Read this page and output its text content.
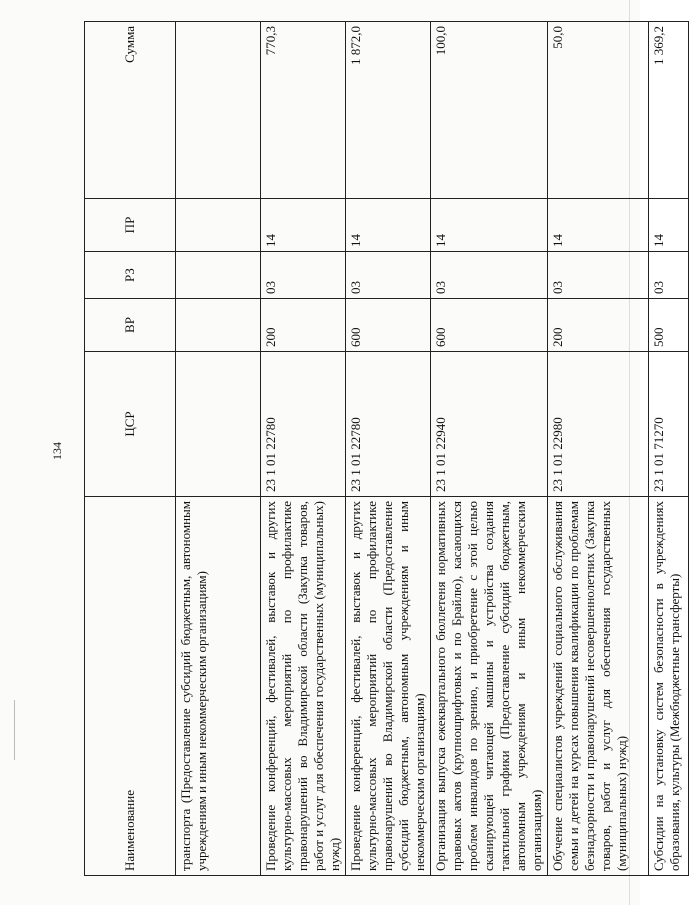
134
Наименование	ЦСР	ВР	РЗ	ПР	Сумма
транспорта (Предоставление субсидий бюджетным, автономным учреждениям и иным некоммерческим организациям)					
Проведение конференций, фестивалей, выставок и других культурно-массовых мероприятий по профилактике правонарушений во Владимирской области (Закупка товаров, работ и услуг для обеспечения государственных (муниципальных) нужд)	23 1 01 22780	200	03	14	770,3
Проведение конференций, фестивалей, выставок и других культурно-массовых мероприятий по профилактике правонарушений во Владимирской области (Предоставление субсидий бюджетным, автономным учреждениям и иным некоммерческим организациям)	23 1 01 22780	600	03	14	1 872,0
Организация выпуска ежеквартального бюллетеня нормативных правовых актов (крупношрифтовых и по Брайлю), касающихся проблем инвалидов по зрению, и приобретение с этой целью сканирующей читающей машины и устройства создания тактильной графики (Предоставление субсидий бюджетным, автономным учреждениям и иным некоммерческим организациям)	23 1 01 22940	600	03	14	100,0
Обучение специалистов учреждений социального обслуживания семьи и детей на курсах повышения квалификации по проблемам безнадзорности и правонарушений несовершеннолетних (Закупка товаров, работ и услуг для обеспечения государственных (муниципальных) нужд)	23 1 01 22980	200	03	14	50,0
Субсидии на установку систем безопасности в учреждениях образования, культуры (Межбюджетные трансферты)	23 1 01 71270	500	03	14	1 369,2
